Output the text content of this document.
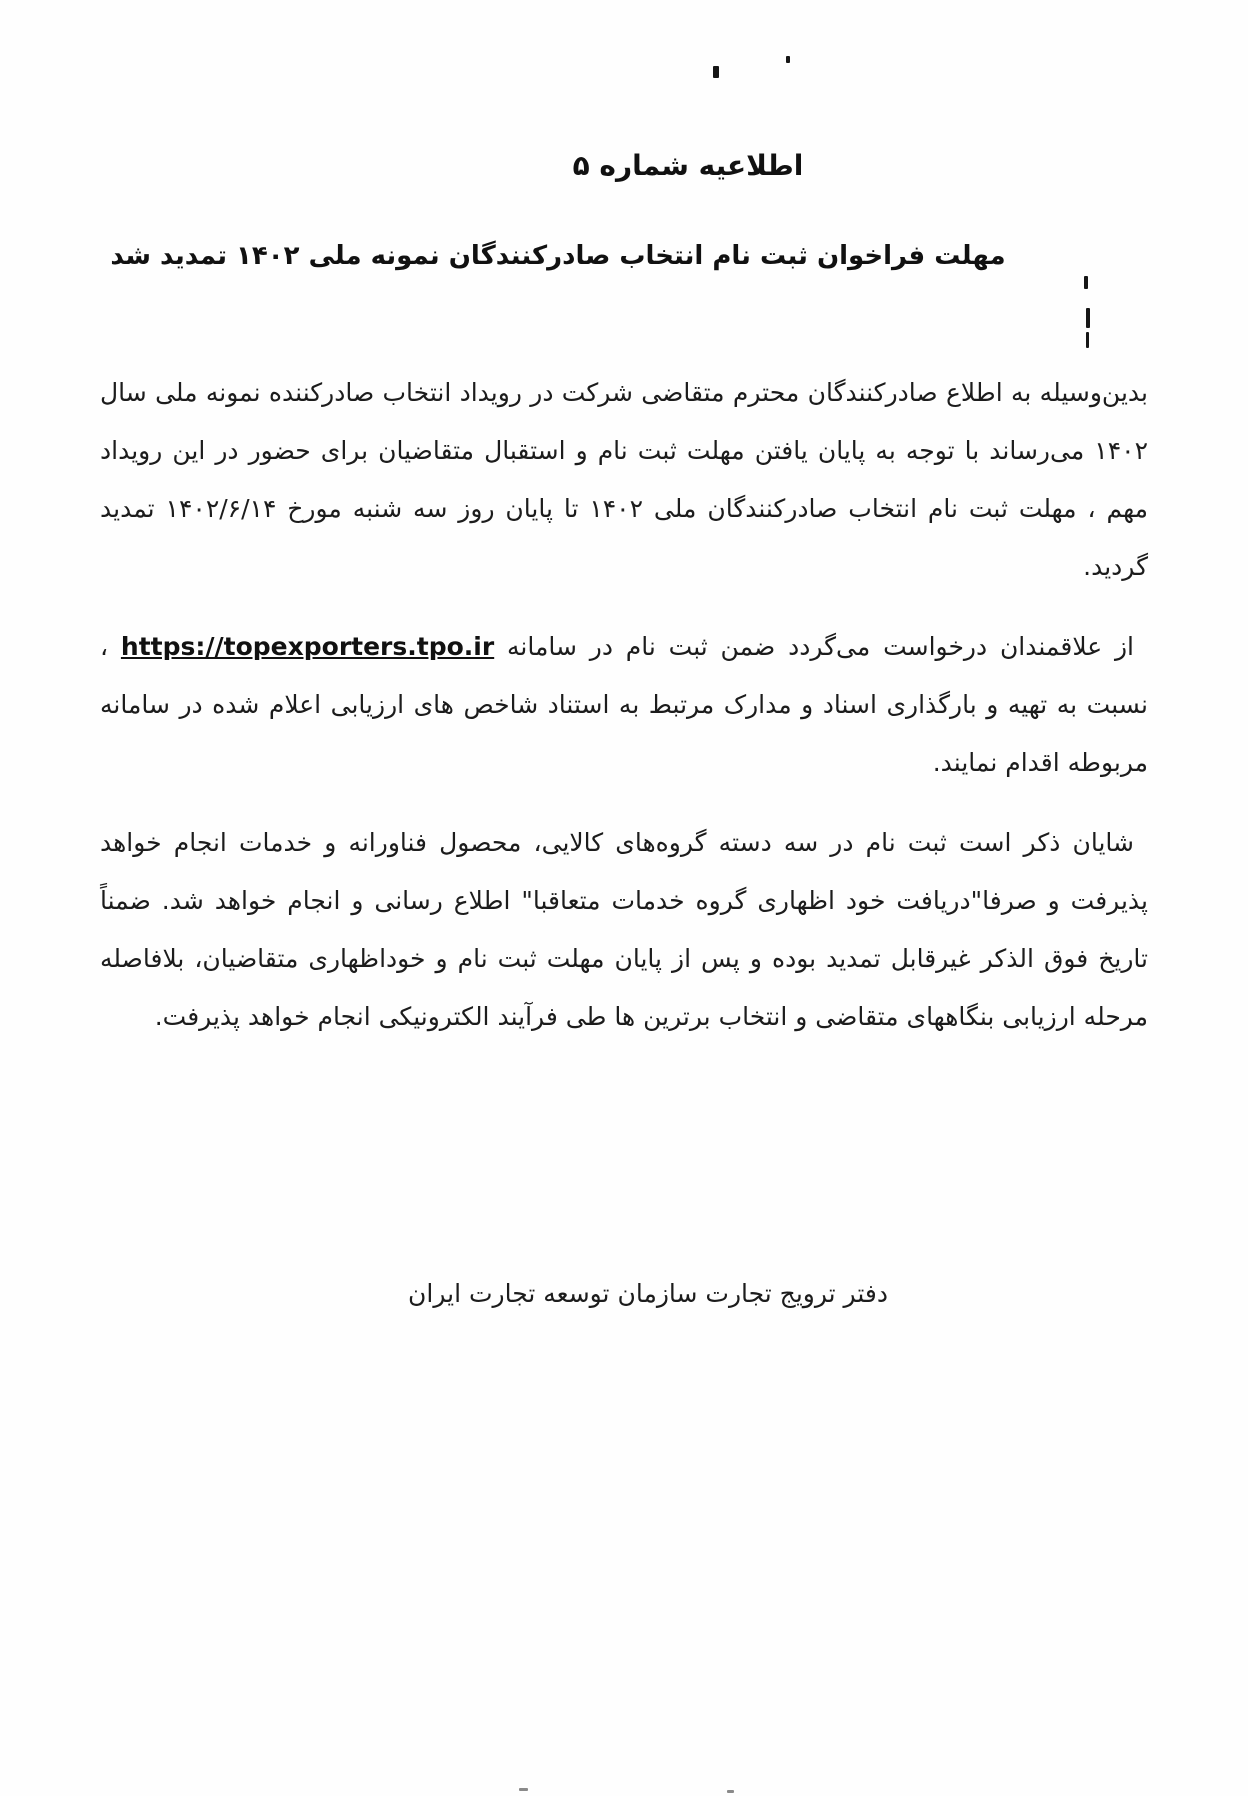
اطلاعیه شماره ۵
مهلت فراخوان ثبت نام انتخاب صادرکنندگان نمونه ملی ۱۴۰۲ تمدید شد

بدین‌وسیله به اطلاع صادرکنندگان محترم متقاضی شرکت در رویداد انتخاب صادرکننده نمونه ملی سال ۱۴۰۲ می‌رساند با توجه به پایان یافتن مهلت ثبت نام و استقبال متقاضیان برای حضور در این رویداد مهم ، مهلت ثبت نام انتخاب صادرکنندگان ملی ۱۴۰۲ تا پایان روز سه شنبه مورخ ۱۴۰۲/۶/۱۴ تمدید گردید.

از علاقمندان درخواست می‌گردد ضمن ثبت نام در سامانه https://topexporters.tpo.ir ، نسبت به تهیه و بارگذاری اسناد و مدارک مرتبط به استناد شاخص های ارزیابی اعلام شده در سامانه مربوطه اقدام نمایند.

شایان ذکر است ثبت نام در سه دسته گروه‌های کالایی، محصول فناورانه و خدمات انجام خواهد پذیرفت و صرفا"دریافت خود اظهاری گروه خدمات متعاقبا" اطلاع رسانی و انجام خواهد شد. ضمناً تاریخ فوق الذکر غیرقابل تمدید بوده و پس از پایان مهلت ثبت نام و خوداظهاری متقاضیان، بلافاصله مرحله ارزیابی بنگاههای متقاضی و انتخاب برترین ها طی فرآیند الکترونیکی انجام خواهد پذیرفت.

دفتر ترویج تجارت سازمان توسعه تجارت ایران
